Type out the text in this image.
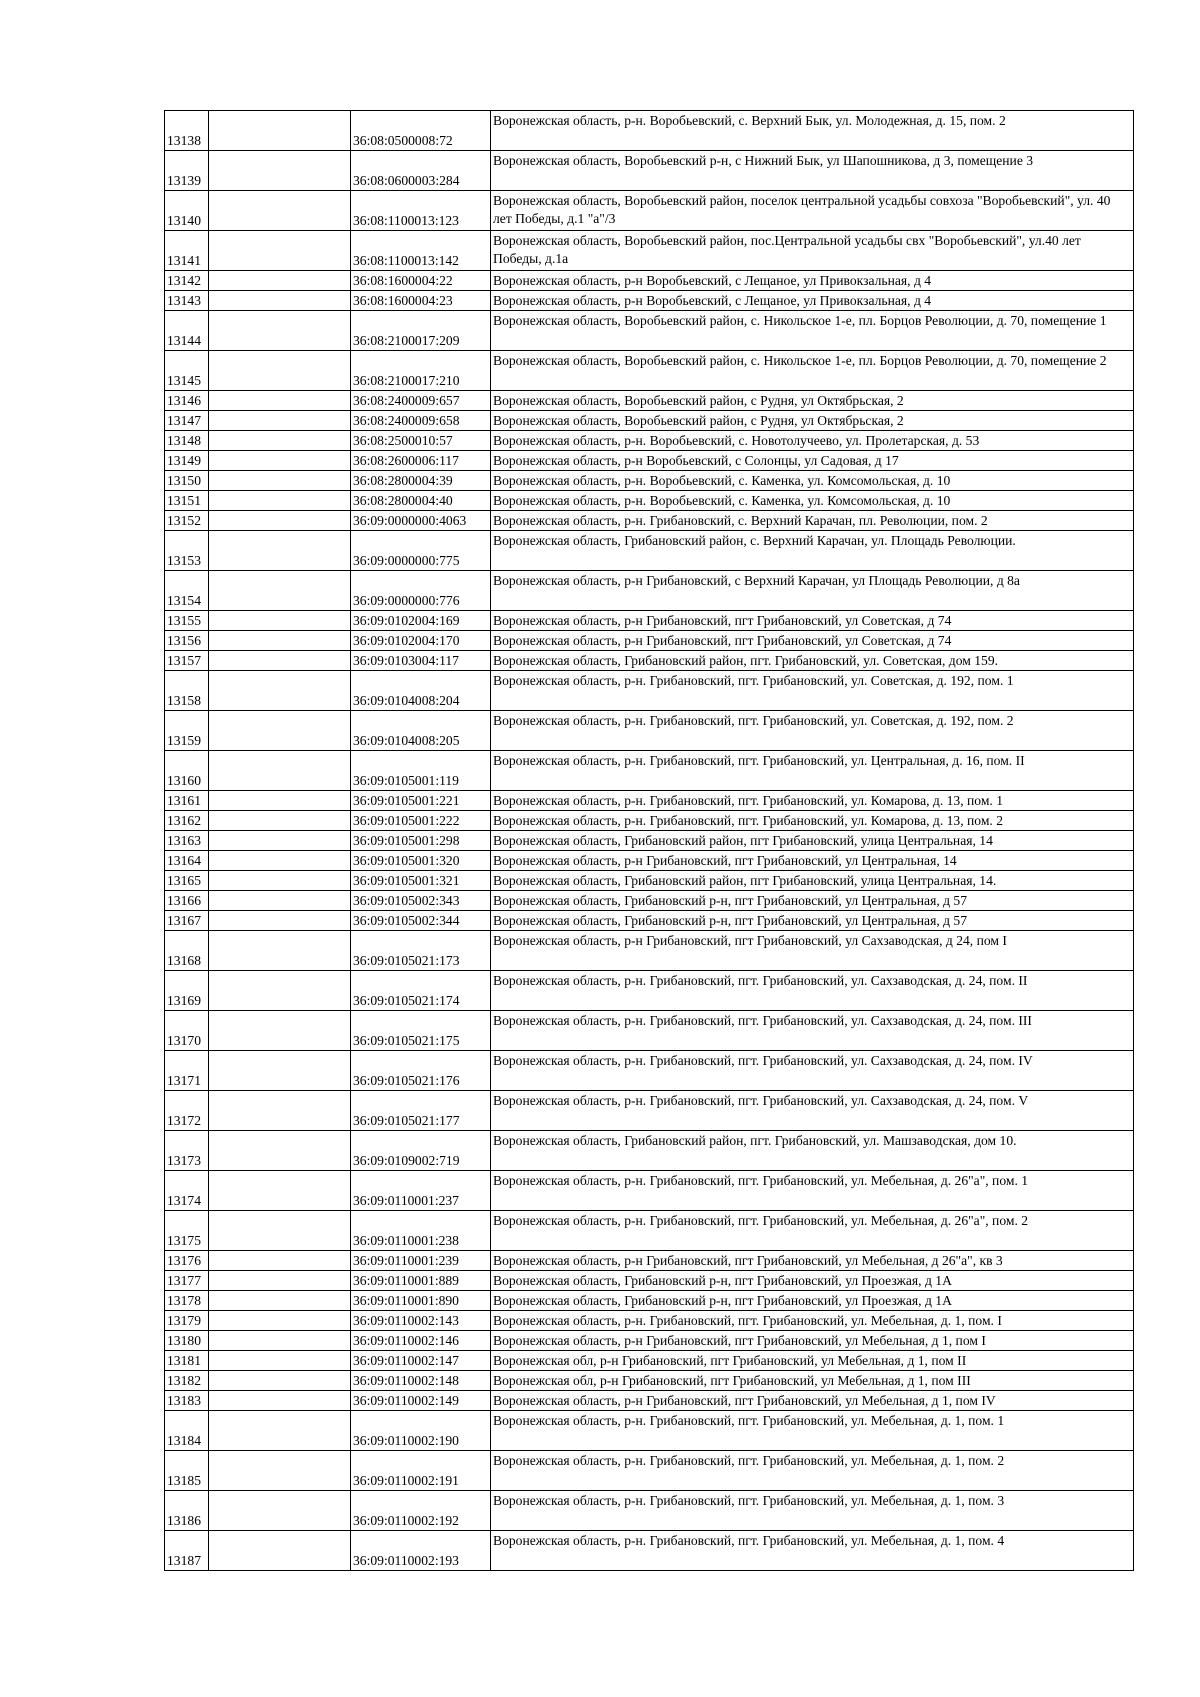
13138		36:08:0500008:72	Воронежская область, р-н. Воробьевский, с. Верхний Бык, ул. Молодежная, д. 15, пом. 2
13139		36:08:0600003:284	Воронежская область, Воробьевский р-н, с Нижний Бык, ул Шапошникова, д 3, помещение 3
13140		36:08:1100013:123	Воронежская область, Воробьевский район, поселок центральной усадьбы совхоза "Воробьевский", ул. 40 лет Победы, д.1 "а"/3
13141		36:08:1100013:142	Воронежская область, Воробьевский район, пос.Центральной усадьбы свх "Воробьевский", ул.40 лет Победы, д.1а
13142		36:08:1600004:22	Воронежская область, р-н Воробьевский, с Лещаное, ул Привокзальная, д 4
13143		36:08:1600004:23	Воронежская область, р-н Воробьевский, с Лещаное, ул Привокзальная, д 4
13144		36:08:2100017:209	Воронежская область, Воробьевский район, с. Никольское 1-е, пл. Борцов Революции, д. 70, помещение 1
13145		36:08:2100017:210	Воронежская область, Воробьевский район, с. Никольское 1-е, пл. Борцов Революции, д. 70, помещение 2
13146		36:08:2400009:657	Воронежская область, Воробьевский район, с Рудня, ул Октябрьская, 2
13147		36:08:2400009:658	Воронежская область, Воробьевский район, с Рудня, ул Октябрьская, 2
13148		36:08:2500010:57	Воронежская область, р-н. Воробьевский, с. Новотолучеево, ул. Пролетарская, д. 53
13149		36:08:2600006:117	Воронежская область, р-н Воробьевский, с Солонцы, ул Садовая, д 17
13150		36:08:2800004:39	Воронежская область, р-н. Воробьевский, с. Каменка, ул. Комсомольская, д. 10
13151		36:08:2800004:40	Воронежская область, р-н. Воробьевский, с. Каменка, ул. Комсомольская, д. 10
13152		36:09:0000000:4063	Воронежская область, р-н. Грибановский, с. Верхний Карачан, пл. Революции, пом. 2
13153		36:09:0000000:775	Воронежская область, Грибановский район, с. Верхний Карачан, ул. Площадь Революции.
13154		36:09:0000000:776	Воронежская область, р-н Грибановский, с Верхний Карачан, ул Площадь Революции, д 8а
13155		36:09:0102004:169	Воронежская область, р-н Грибановский, пгт Грибановский, ул Советская, д 74
13156		36:09:0102004:170	Воронежская область, р-н Грибановский, пгт Грибановский, ул Советская, д 74
13157		36:09:0103004:117	Воронежская область, Грибановский район, пгт. Грибановский, ул. Советская, дом 159.
13158		36:09:0104008:204	Воронежская область, р-н. Грибановский, пгт. Грибановский, ул. Советская, д. 192, пом. 1
13159		36:09:0104008:205	Воронежская область, р-н. Грибановский, пгт. Грибановский, ул. Советская, д. 192, пом. 2
13160		36:09:0105001:119	Воронежская область, р-н. Грибановский, пгт. Грибановский, ул. Центральная, д. 16, пом. II
13161		36:09:0105001:221	Воронежская область, р-н. Грибановский, пгт. Грибановский, ул. Комарова, д. 13, пом. 1
13162		36:09:0105001:222	Воронежская область, р-н. Грибановский, пгт. Грибановский, ул. Комарова, д. 13, пом. 2
13163		36:09:0105001:298	Воронежская область, Грибановский район, пгт Грибановский, улица Центральная, 14
13164		36:09:0105001:320	Воронежская область, р-н Грибановский, пгт Грибановский, ул Центральная, 14
13165		36:09:0105001:321	Воронежская область, Грибановский район, пгт Грибановский, улица Центральная, 14.
13166		36:09:0105002:343	Воронежская область, Грибановский р-н, пгт Грибановский, ул Центральная, д 57
13167		36:09:0105002:344	Воронежская область, Грибановский р-н, пгт Грибановский, ул Центральная, д 57
13168		36:09:0105021:173	Воронежская область, р-н Грибановский, пгт Грибановский, ул Сахзаводская, д 24, пом I
13169		36:09:0105021:174	Воронежская область, р-н. Грибановский, пгт. Грибановский, ул. Сахзаводская, д. 24, пом. II
13170		36:09:0105021:175	Воронежская область, р-н. Грибановский, пгт. Грибановский, ул. Сахзаводская, д. 24, пом. III
13171		36:09:0105021:176	Воронежская область, р-н. Грибановский, пгт. Грибановский, ул. Сахзаводская, д. 24, пом. IV
13172		36:09:0105021:177	Воронежская область, р-н. Грибановский, пгт. Грибановский, ул. Сахзаводская, д. 24, пом. V
13173		36:09:0109002:719	Воронежская область, Грибановский район, пгт. Грибановский, ул. Машзаводская, дом 10.
13174		36:09:0110001:237	Воронежская область, р-н. Грибановский, пгт. Грибановский, ул. Мебельная, д. 26"а", пом. 1
13175		36:09:0110001:238	Воронежская область, р-н. Грибановский, пгт. Грибановский, ул. Мебельная, д. 26"а", пом. 2
13176		36:09:0110001:239	Воронежская область, р-н Грибановский, пгт Грибановский, ул Мебельная, д 26"а", кв 3
13177		36:09:0110001:889	Воронежская область, Грибановский р-н, пгт Грибановский, ул Проезжая, д 1А
13178		36:09:0110001:890	Воронежская область, Грибановский р-н, пгт Грибановский, ул Проезжая, д 1А
13179		36:09:0110002:143	Воронежская область, р-н. Грибановский, пгт. Грибановский, ул. Мебельная, д. 1, пом. I
13180		36:09:0110002:146	Воронежская область, р-н Грибановский, пгт Грибановский, ул Мебельная, д 1, пом I
13181		36:09:0110002:147	Воронежская обл, р-н Грибановский, пгт Грибановский, ул Мебельная, д 1, пом II
13182		36:09:0110002:148	Воронежская обл, р-н Грибановский, пгт Грибановский, ул Мебельная, д 1, пом III
13183		36:09:0110002:149	Воронежская область, р-н Грибановский, пгт Грибановский, ул Мебельная, д 1, пом IV
13184		36:09:0110002:190	Воронежская область, р-н. Грибановский, пгт. Грибановский, ул. Мебельная, д. 1, пом. 1
13185		36:09:0110002:191	Воронежская область, р-н. Грибановский, пгт. Грибановский, ул. Мебельная, д. 1, пом. 2
13186		36:09:0110002:192	Воронежская область, р-н. Грибановский, пгт. Грибановский, ул. Мебельная, д. 1, пом. 3
13187		36:09:0110002:193	Воронежская область, р-н. Грибановский, пгт. Грибановский, ул. Мебельная, д. 1, пом. 4
